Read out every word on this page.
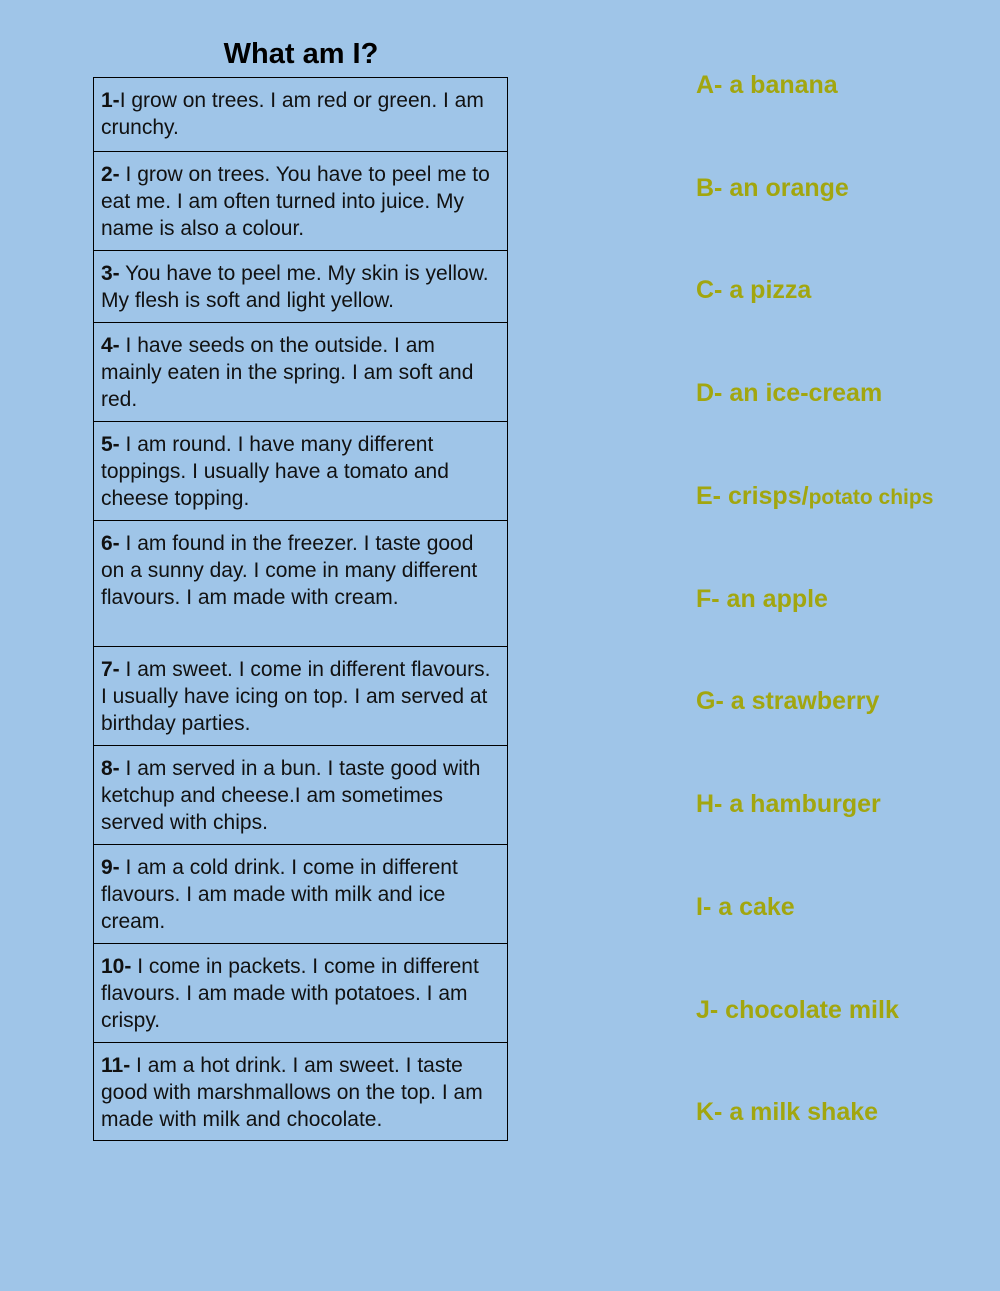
What am I?
1-I grow on trees. I am red or green. I am crunchy.
2- I grow on trees. You have to peel me to eat me. I am often turned into juice. My name is also a colour.
3- You have to peel me. My skin is yellow. My flesh is soft and light yellow.
4- I have seeds on the outside. I am mainly eaten in the spring. I am soft and red.
5- I am round. I have many different toppings. I usually have a tomato and cheese topping.
6- I am found in the freezer. I taste good on a sunny day. I come in many different flavours. I am made with cream.
7- I am sweet. I come in different flavours. I usually have icing on top. I am served at birthday parties.
8- I am served in a bun. I taste good with ketchup and cheese.I am sometimes served with chips.
9- I am a cold drink. I come in different flavours. I am made with milk and ice cream.
10- I come in packets. I come in different flavours. I am made with potatoes. I am crispy.
11- I am a hot drink. I am sweet. I taste good with marshmallows on the top. I am made with milk and chocolate.
A- a banana
B- an orange
C- a pizza
D- an ice-cream
E- crisps/potato chips
F- an apple
G- a strawberry
H- a hamburger
I- a cake
J- chocolate milk
K- a milk shake
